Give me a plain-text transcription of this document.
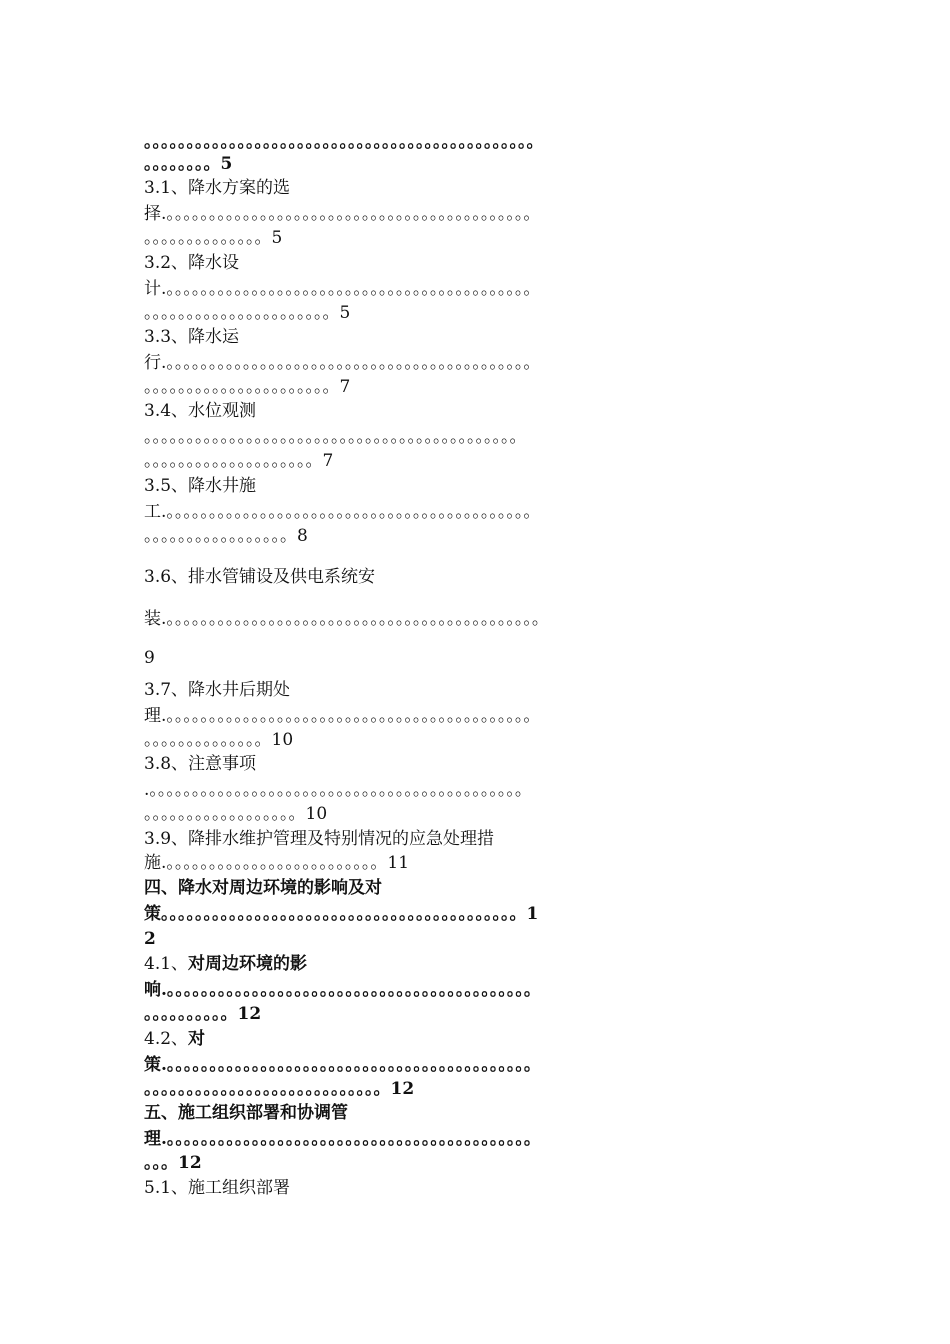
。。。。。。。。。。。。。。。。。。。。。。。。。。。。。。。。。。。。。。。。。。。。。。
。。。。。。。。5
3.1、降水方案的选
择.。。。。。。。。。。。。。。。。。。。。。。。。。。。。。。。。。。。。。。。。。。。
。。。。。。。。。。。。。。5
3.2、降水设
计.。。。。。。。。。。。。。。。。。。。。。。。。。。。。。。。。。。。。。。。。。。。
。。。。。。。。。。。。。。。。。。。。。。5
3.3、降水运
行.。。。。。。。。。。。。。。。。。。。。。。。。。。。。。。。。。。。。。。。。。。。
。。。。。。。。。。。。。。。。。。。。。。7
3.4、水位观测
。。。。。。。。。。。。。。。。。。。。。。。。。。。。。。。。。。。。。。。。。。。。
。。。。。。。。。。。。。。。。。。。。7
3.5、降水井施
工.。。。。。。。。。。。。。。。。。。。。。。。。。。。。。。。。。。。。。。。。。。。
。。。。。。。。。。。。。。。。。8
3.6、排水管铺设及供电系统安
装.。。。。。。。。。。。。。。。。。。。。。。。。。。。。。。。。。。。。。。。。。。。。
9
3.7、降水井后期处
理.。。。。。。。。。。。。。。。。。。。。。。。。。。。。。。。。。。。。。。。。。。。
。。。。。。。。。。。。。。10
3.8、注意事项
.。。。。。。。。。。。。。。。。。。。。。。。。。。。。。。。。。。。。。。。。。。。。
。。。。。。。。。。。。。。。。。。10
3.9、降排水维护管理及特别情况的应急处理措
施.。。。。。。。。。。。。。。。。。。。。。。。。。11
四、降水对周边环境的影响及对
策。。。。。。。。。。。。。。。。。。。。。。。。。。。。。。。。。。。。。。。。。。1
2
4.1、对周边环境的影
响.。。。。。。。。。。。。。。。。。。。。。。。。。。。。。。。。。。。。。。。。。。。
。。。。。。。。。。12
4.2、对
策.。。。。。。。。。。。。。。。。。。。。。。。。。。。。。。。。。。。。。。。。。。。
。。。。。。。。。。。。。。。。。。。。。。。。。。。。12
五、施工组织部署和协调管
理.。。。。。。。。。。。。。。。。。。。。。。。。。。。。。。。。。。。。。。。。。。。
。。。12
5.1、施工组织部署
